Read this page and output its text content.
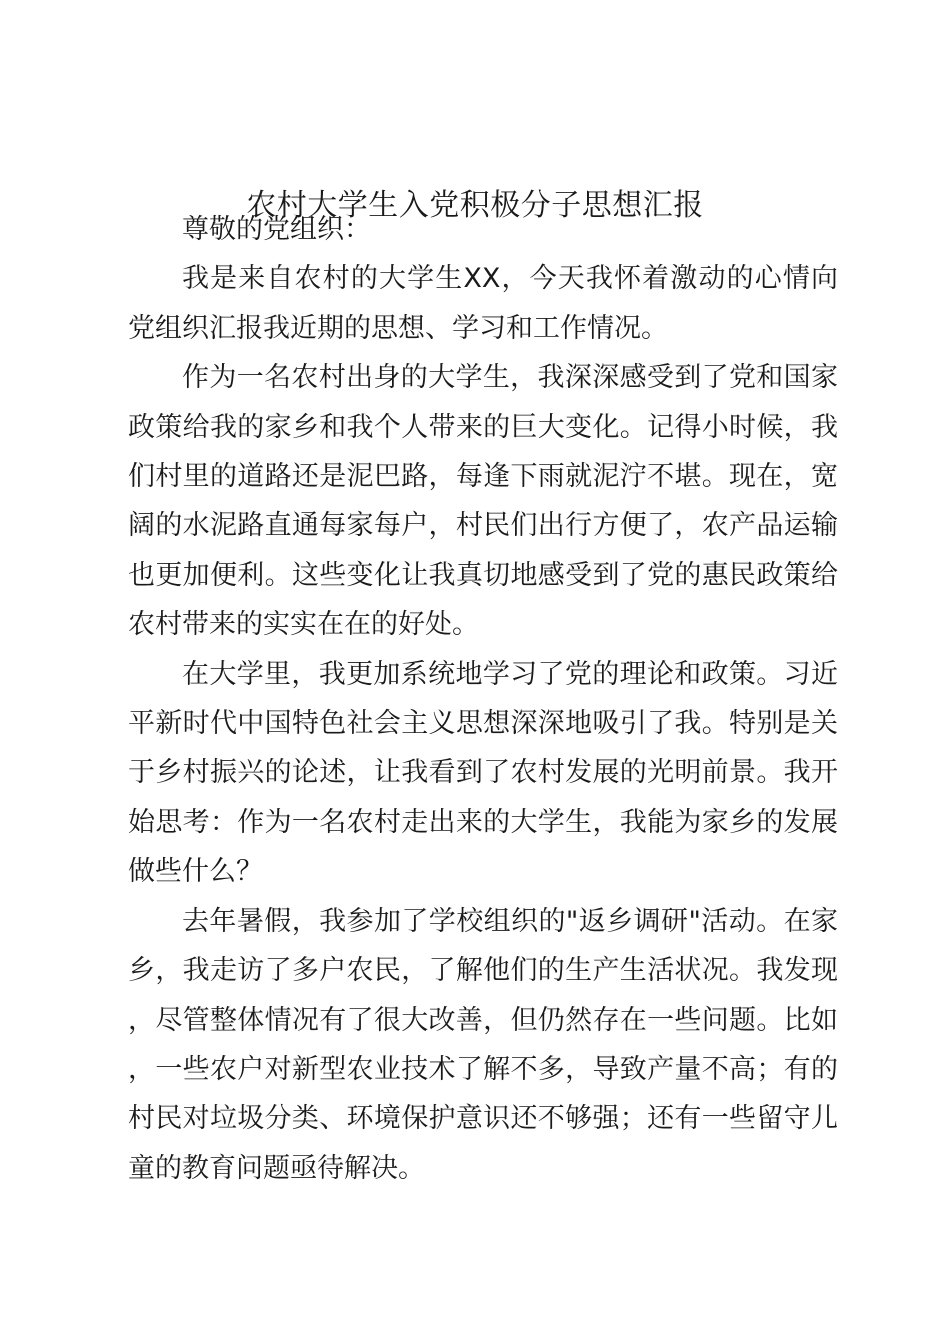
农村大学生入党积极分子思想汇报

尊敬的党组织：

我是来自农村的大学生XX，今天我怀着激动的心情向党组织汇报我近期的思想、学习和工作情况。

作为一名农村出身的大学生，我深深感受到了党和国家政策给我的家乡和我个人带来的巨大变化。记得小时候，我们村里的道路还是泥巴路，每逢下雨就泥泞不堪。现在，宽阔的水泥路直通每家每户，村民们出行方便了，农产品运输也更加便利。这些变化让我真切地感受到了党的惠民政策给农村带来的实实在在的好处。

在大学里，我更加系统地学习了党的理论和政策。习近平新时代中国特色社会主义思想深深地吸引了我。特别是关于乡村振兴的论述，让我看到了农村发展的光明前景。我开始思考：作为一名农村走出来的大学生，我能为家乡的发展做些什么？

去年暑假，我参加了学校组织的"返乡调研"活动。在家乡，我走访了多户农民，了解他们的生产生活状况。我发现，尽管整体情况有了很大改善，但仍然存在一些问题。比如，一些农户对新型农业技术了解不多，导致产量不高；有的村民对垃圾分类、环境保护意识还不够强；还有一些留守儿童的教育问题亟待解决。
